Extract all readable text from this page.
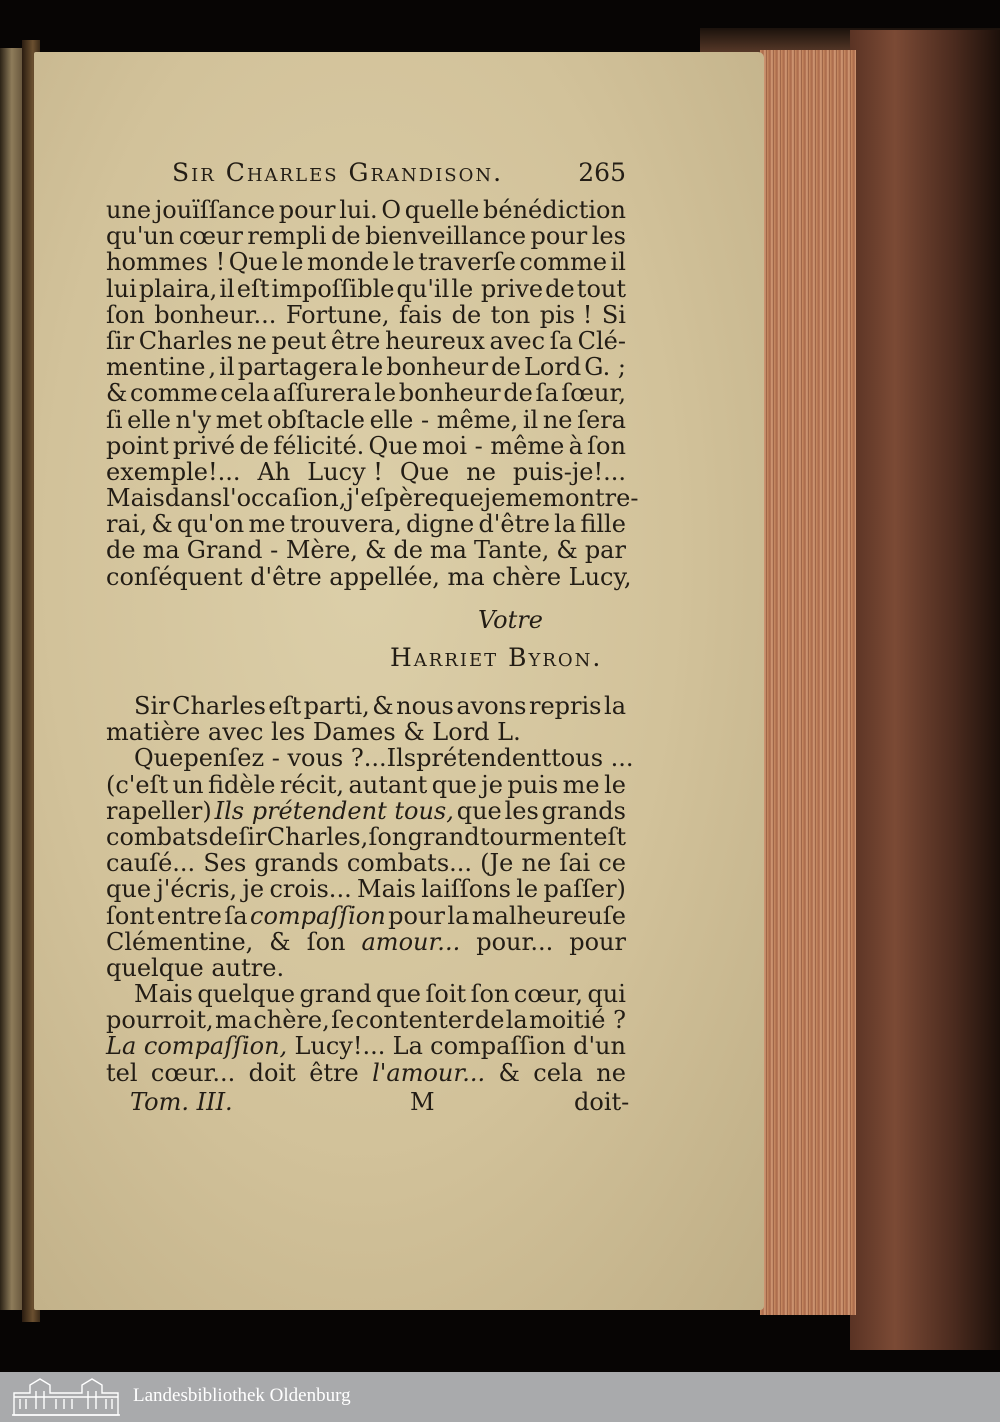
Sir Charles Grandison.	265
une jouïſſance pour lui. O quelle bénédiction
qu'un cœur rempli de bienveillance pour les
hommes ! Que le monde le traverſe comme il
lui plaira, il eſt impoſſible qu'il le prive de tout
ſon bonheur... Fortune, fais de ton pis ! Si
ſir Charles ne peut être heureux avec ſa Clé-
mentine , il partagera le bonheur de Lord G. ;
& comme cela aſſurera le bonheur de ſa ſœur,
ſi elle n'y met obſtacle elle - même, il ne ſera
point privé de félicité. Que moi - même à ſon
exemple!... Ah Lucy ! Que ne puis-je!...
Mais dans l'occaſion, j'eſpère que je me montre-
rai, & qu'on me trouvera, digne d'être la fille
de ma Grand - Mère, & de ma Tante, & par
conſéquent d'être appellée, ma chère Lucy,
Votre
Harriet Byron.
Sir Charles eſt parti, & nous avons repris la
matière avec les Dames & Lord L.
Que penſez - vous ?... Ils prétendent tous ...
(c'eſt un fidèle récit, autant que je puis me le
rapeller) Ils prétendent tous, que les grands
combats de ſir Charles, ſon grand tourment eſt
cauſé... Ses grands combats... (Je ne ſai ce
que j'écris, je crois... Mais laiſſons le paſſer)
ſont entre ſa compaſſion pour la malheureuſe
Clémentine, & ſon amour... pour... pour
quelque autre.
Mais quelque grand que ſoit ſon cœur, qui
pourroit, ma chère, ſe contenter de la moitié ?
La compaſſion, Lucy!... La compaſſion d'un
tel cœur... doit être l'amour... & cela ne
Tom. III.	M	doit-
Landesbibliothek Oldenburg
